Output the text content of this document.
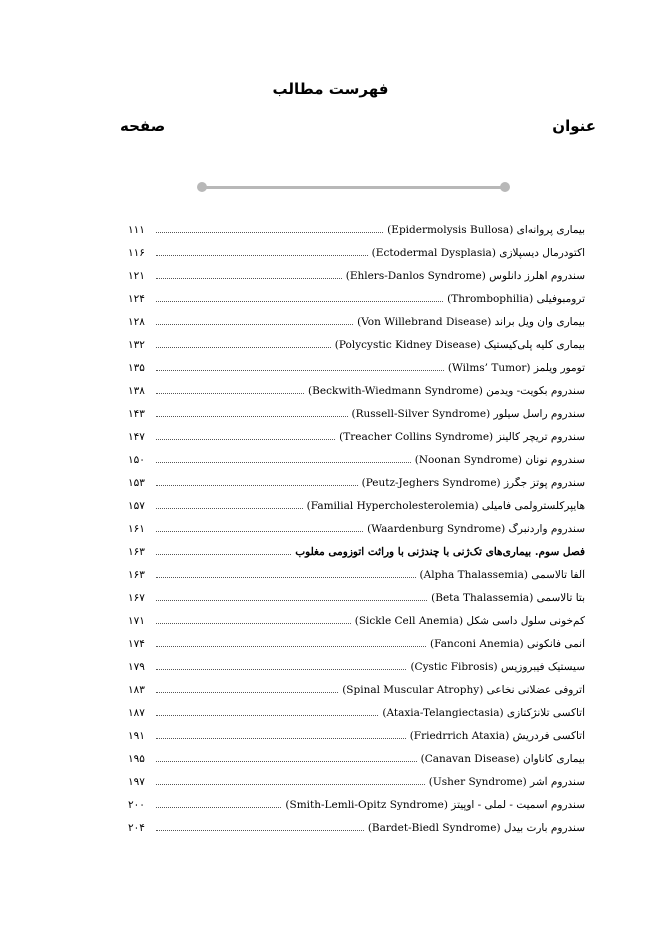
فهرست مطالب
عنوان
صفحه
بیماری پروانه‌ای (Epidermolysis Bullosa)
۱۱۱
اکتودرمال دیسپلازی (Ectodermal Dysplasia)
۱۱۶
سندروم اهلرز دانلوس (Ehlers-Danlos Syndrome)
۱۲۱
ترومبوفیلی (Thrombophilia)
۱۲۴
بیماری وان ویل براند (Von Willebrand Disease)
۱۲۸
بیماری کلیه پلی‌کیستیک (Polycystic Kidney Disease)
۱۳۲
تومور ویلمز (Wilms’ Tumor)
۱۳۵
سندروم بکویت- ویدمن (Beckwith-Wiedmann Syndrome)
۱۳۸
سندروم راسل سیلور (Russell-Silver Syndrome)
۱۴۳
سندروم تریچر کالینز (Treacher Collins Syndrome)
۱۴۷
سندروم نونان (Noonan Syndrome)
۱۵۰
سندروم پوتز جگرز (Peutz-Jeghers Syndrome)
۱۵۳
هایپرکلسترولمی فامیلی (Familial Hypercholesterolemia)
۱۵۷
سندروم واردنبرگ (Waardenburg Syndrome)
۱۶۱
فصل سوم. بیماری‌های تک‌ژنی با چندژنی با وراثت اتوزومی مغلوب
۱۶۳
آلفا تالاسمی (Alpha Thalassemia)
۱۶۳
بتا تالاسمی (Beta Thalassemia)
۱۶۷
کم‌خونی سلول داسی شکل (Sickle Cell Anemia)
۱۷۱
آنمی فانکونی (Fanconi Anemia)
۱۷۴
سیستیک فیبروزیس (Cystic Fibrosis)
۱۷۹
آتروفی عضلانی نخاعی (Spinal Muscular Atrophy)
۱۸۳
آتاکسی تلانژکتازی (Ataxia-Telangiectasia)
۱۸۷
آتاکسی فردریش (Friedrrich Ataxia)
۱۹۱
بیماری کاناوان (Canavan Disease)
۱۹۵
سندروم آشر (Usher Syndrome)
۱۹۷
سندروم اسمیت - لملی - اوپیتز (Smith-Lemli-Opitz Syndrome)
۲۰۰
سندروم بارت بیدل (Bardet-Biedl Syndrome)
۲۰۴
